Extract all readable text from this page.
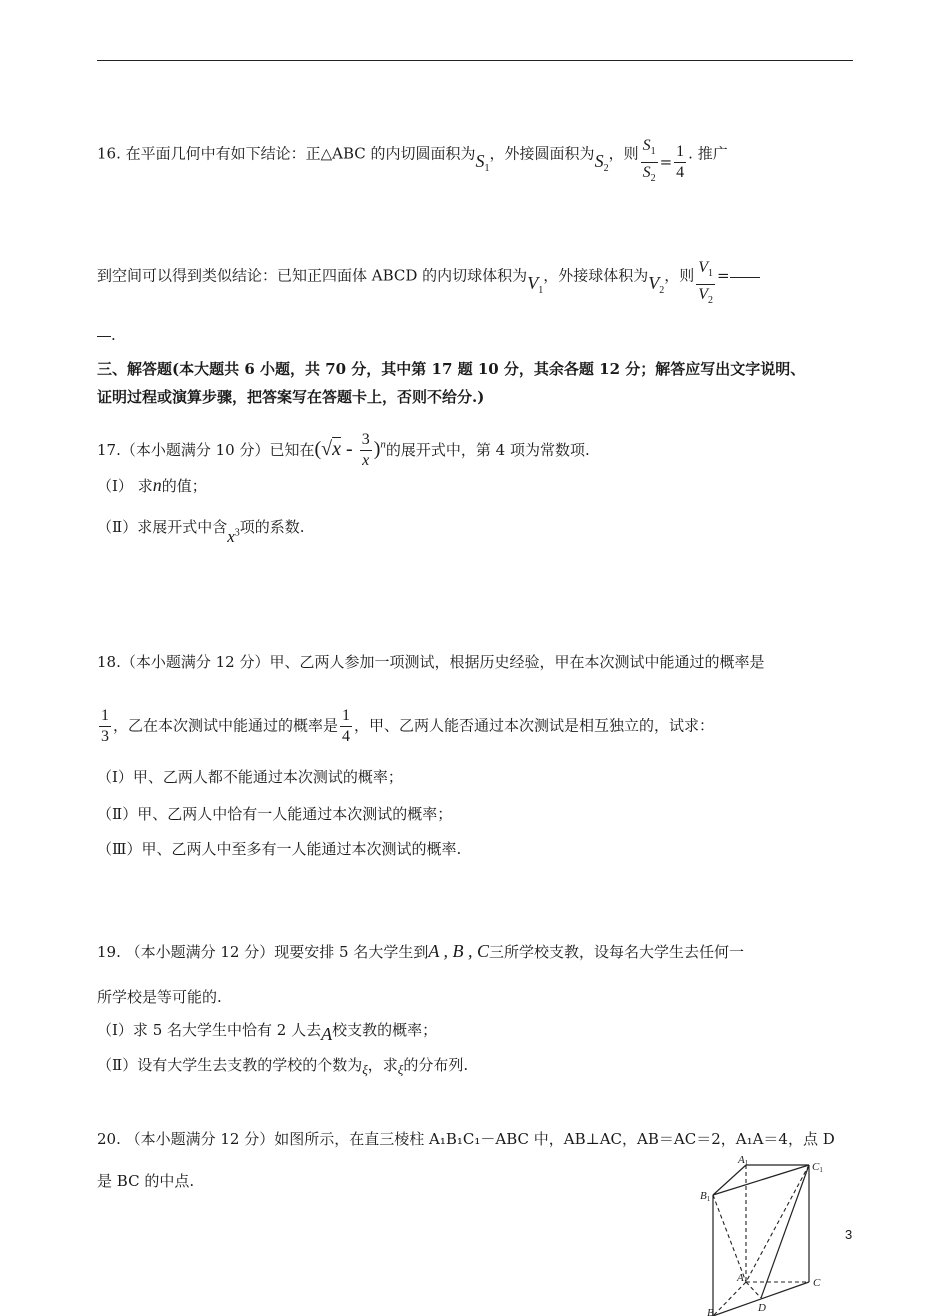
16. 在平面几何中有如下结论：正△ABC 的内切圆面积为$S_1$，外接圆面积为$S_2$，则 $\frac{S_1}{S_2} = \frac{1}{4}$ . 推广
到空间可以得到类似结论：已知正四面体 ABCD 的内切球体积为$V_1$，外接球体积为$V_2$，则 $\frac{V_1}{V_2}$ =
.
三、解答题(本大题共 6 小题，共 70 分，其中第 17 题 10 分，其余各题 12 分；解答应写出文字说明、
证明过程或演算步骤，把答案写在答题卡上，否则不给分.)
17.（本小题满分 10 分）已知在$(√x - \frac{3}{x} )^n$的展开式中，第 4 项为常数项.
（Ⅰ） 求n的值；
（Ⅱ）求展开式中含$x^3$项的系数.
18.（本小题满分 12 分）甲、乙两人参加一项测试，根据历史经验，甲在本次测试中能通过的概率是
$\frac{1}{3}$ ，乙在本次测试中能通过的概率是 $\frac{1}{4}$ ，甲、乙两人能否通过本次测试是相互独立的，试求：
（Ⅰ）甲、乙两人都不能通过本次测试的概率；
（Ⅱ）甲、乙两人中恰有一人能通过本次测试的概率；
（Ⅲ）甲、乙两人中至多有一人能通过本次测试的概率.
19. （本小题满分 12 分）现要安排 5 名大学生到A , B , C三所学校支教，设每名大学生去任何一
所学校是等可能的.
（Ⅰ）求 5 名大学生中恰有 2 人去A校支教的概率；
（Ⅱ）设有大学生去支教的学校的个数为ξ，求ξ的分布列.
20. （本小题满分 12 分）如图所示，在直三棱柱 A₁B₁C₁－ABC 中，AB⊥AC，AB＝AC＝2，A₁A＝4，点 D
是 BC 的中点.
3
A1	C1
B1
A	C
D
B
